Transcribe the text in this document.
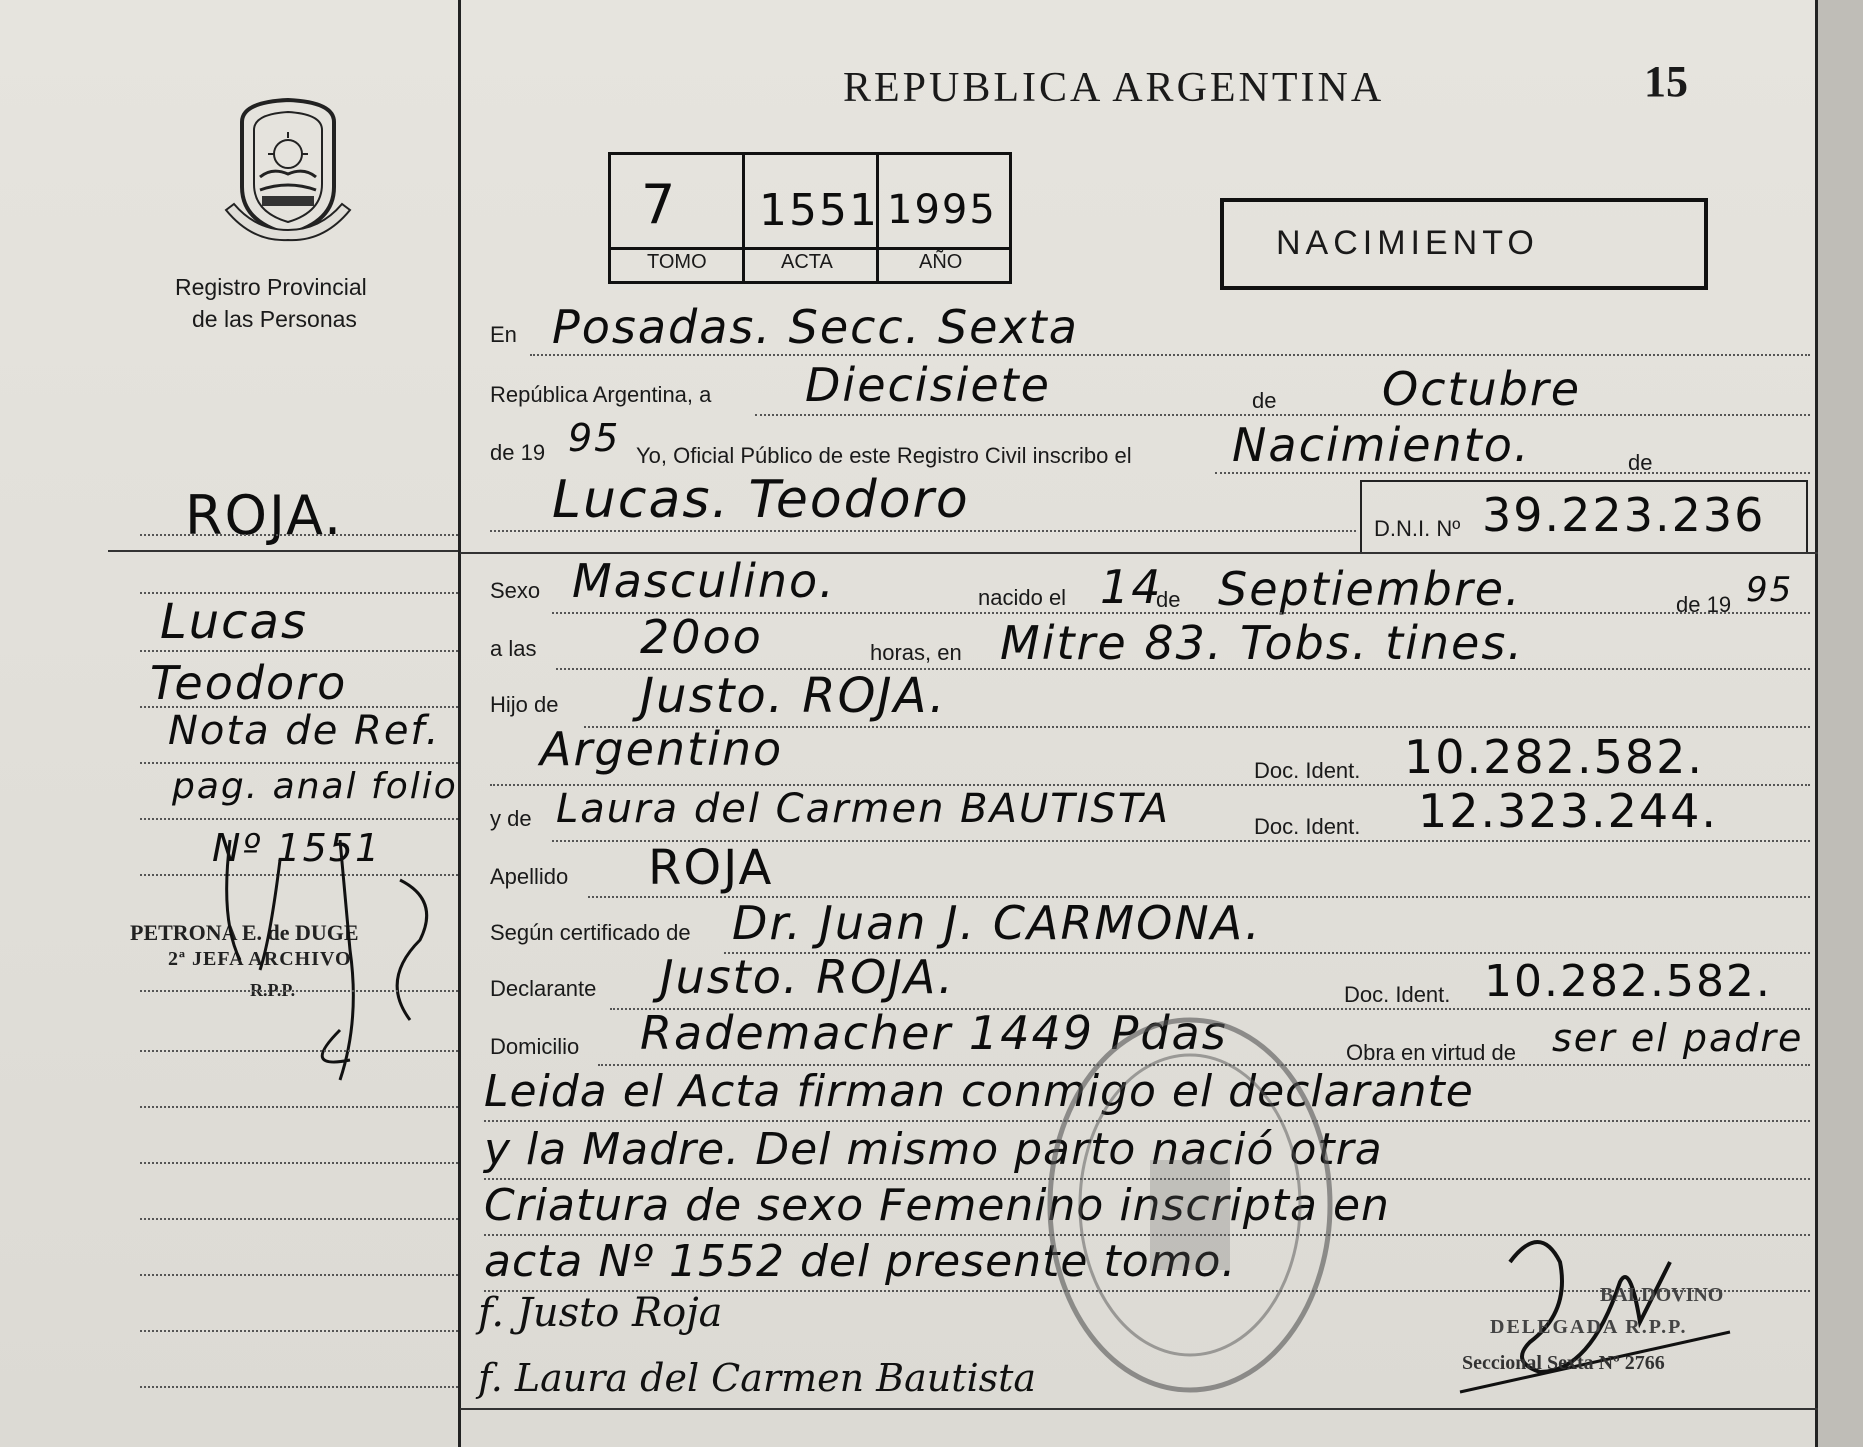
Registro Provincial
de las Personas
REPUBLICA ARGENTINA	15
7 1551 1995
TOMO	ACTA	AÑO	NACIMIENTO
En Posadas. Secc. Sexta
República Argentina, a Diecisiete	de Octubre
de 19 95 Yo, Oficial Público de este Registro Civil inscribo el Nacimiento.	de
Lucas. Teodoro	D.N.I. Nº 39.223.236
Sexo Masculino.	nacido el 14
de Septiembre.	de 19 95
a las 20oo	horas, en Mitre 83. Tobs. tines.
Hijo de Justo. ROJA.
Argentino	Doc. Ident. 10.282.582.
y de Laura del Carmen BAUTISTA	Doc. Ident. 12.323.244.
Apellido ROJA
Según certificado de Dr. Juan J. CARMONA.
Declarante Justo. ROJA.	Doc. Ident. 10.282.582.
Domicilio Rademacher 1449 Pdas	Obra en virtud de ser el padre
Leida el Acta firman conmigo el declarante
y la Madre. Del mismo parto nació otra
Criatura de sexo Femenino inscripta en
acta Nº 1552 del presente tomo.
f. Justo Roja
f. Laura del Carmen Bautista
BALDOVINO
DELEGADA R.P.P.
Seccional Sexta Nº 2766
ROJA.
Lucas
Teodoro
Nota de Ref.
pag. anal folio
Nº 1551
PETRONA E. de DUGE
2ª JEFA ARCHIVO
R.P.P.
